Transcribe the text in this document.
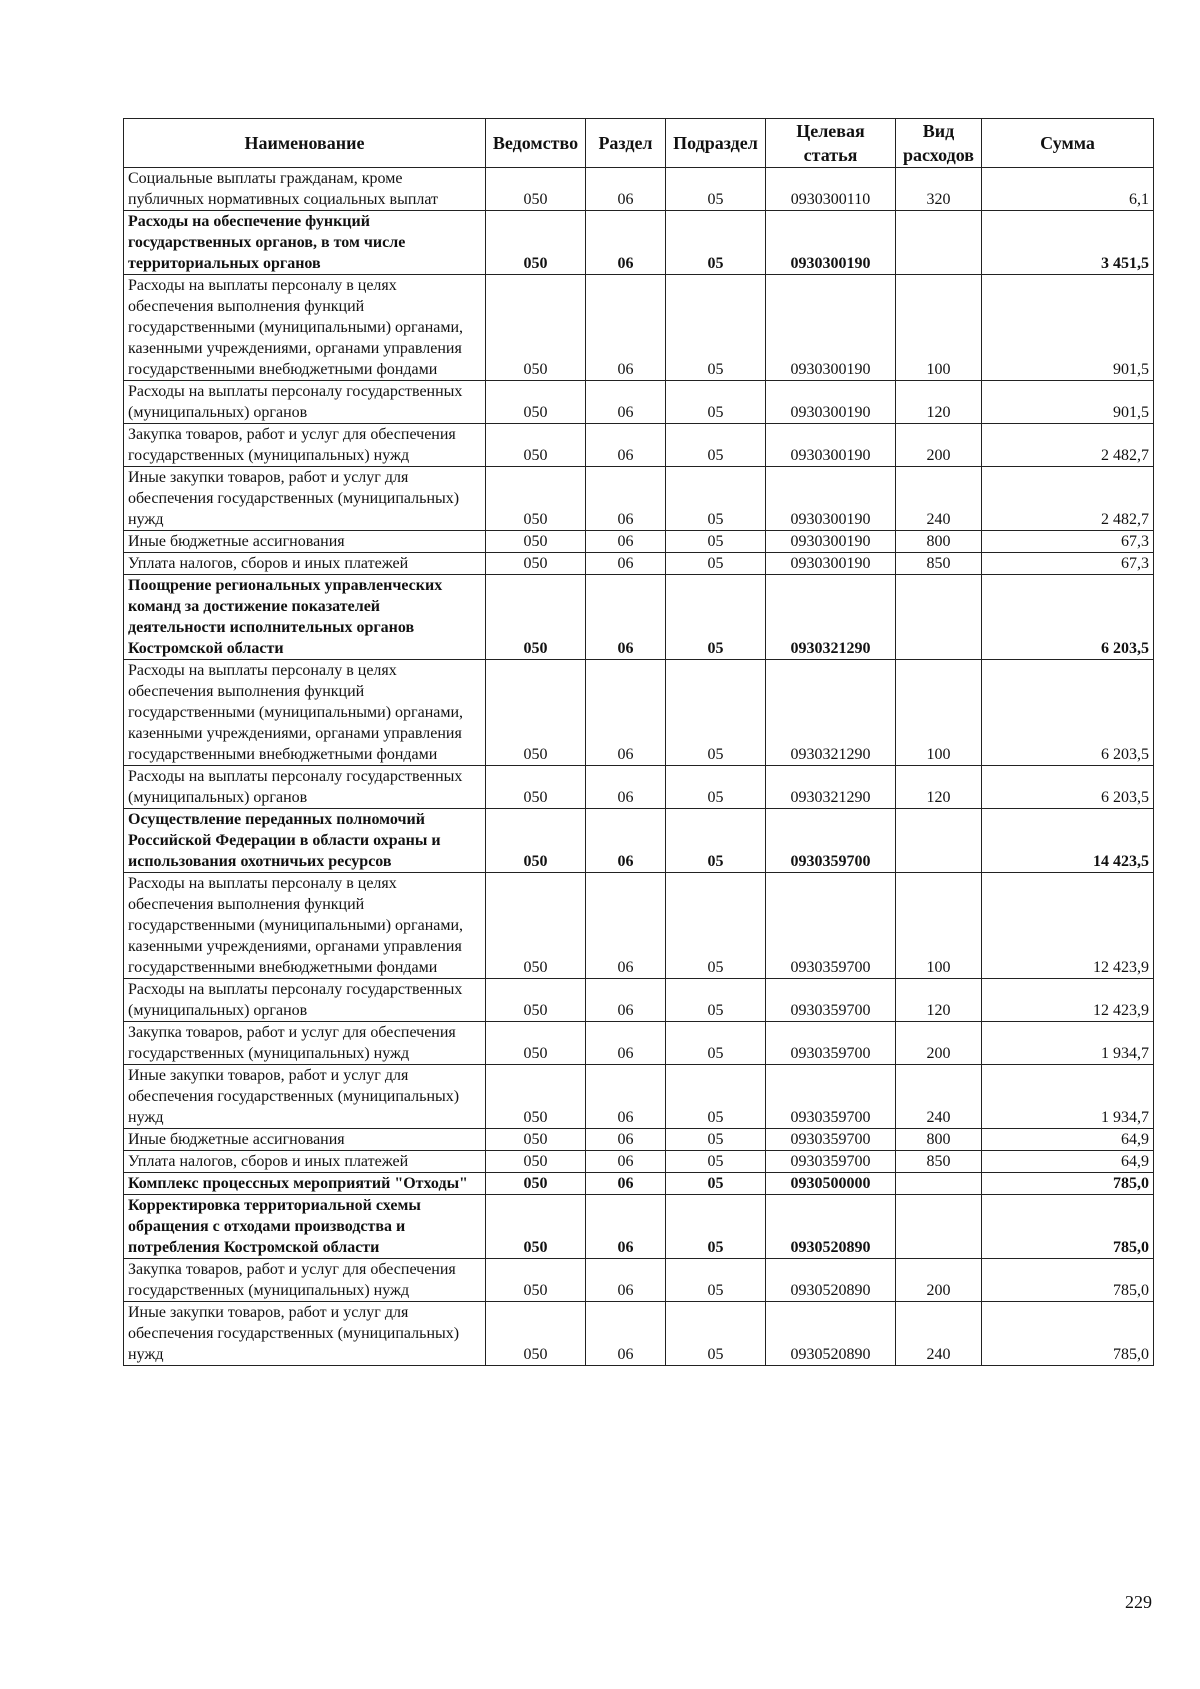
Наименование	Ведомство	Раздел	Подраздел	Целевая статья	Вид расходов	Сумма
Социальные выплаты гражданам, кроме публичных нормативных социальных выплат	050	06	05	0930300110	320	6,1
Расходы на обеспечение функций государственных органов, в том числе территориальных органов	050	06	05	0930300190		3 451,5
Расходы на выплаты персоналу в целях обеспечения выполнения функций государственными (муниципальными) органами, казенными учреждениями, органами управления государственными внебюджетными фондами	050	06	05	0930300190	100	901,5
Расходы на выплаты персоналу государственных (муниципальных) органов	050	06	05	0930300190	120	901,5
Закупка товаров, работ и услуг для обеспечения государственных (муниципальных) нужд	050	06	05	0930300190	200	2 482,7
Иные закупки товаров, работ и услуг для обеспечения государственных (муниципальных) нужд	050	06	05	0930300190	240	2 482,7
Иные бюджетные ассигнования	050	06	05	0930300190	800	67,3
Уплата налогов, сборов и иных платежей	050	06	05	0930300190	850	67,3
Поощрение региональных управленческих команд за достижение показателей деятельности исполнительных органов Костромской области	050	06	05	0930321290		6 203,5
Расходы на выплаты персоналу в целях обеспечения выполнения функций государственными (муниципальными) органами, казенными учреждениями, органами управления государственными внебюджетными фондами	050	06	05	0930321290	100	6 203,5
Расходы на выплаты персоналу государственных (муниципальных) органов	050	06	05	0930321290	120	6 203,5
Осуществление переданных полномочий Российской Федерации в области охраны и использования охотничьих ресурсов	050	06	05	0930359700		14 423,5
Расходы на выплаты персоналу в целях обеспечения выполнения функций государственными (муниципальными) органами, казенными учреждениями, органами управления государственными внебюджетными фондами	050	06	05	0930359700	100	12 423,9
Расходы на выплаты персоналу государственных (муниципальных) органов	050	06	05	0930359700	120	12 423,9
Закупка товаров, работ и услуг для обеспечения государственных (муниципальных) нужд	050	06	05	0930359700	200	1 934,7
Иные закупки товаров, работ и услуг для обеспечения государственных (муниципальных) нужд	050	06	05	0930359700	240	1 934,7
Иные бюджетные ассигнования	050	06	05	0930359700	800	64,9
Уплата налогов, сборов и иных платежей	050	06	05	0930359700	850	64,9
Комплекс процессных мероприятий "Отходы"	050	06	05	0930500000		785,0
Корректировка территориальной схемы обращения с отходами производства и потребления Костромской области	050	06	05	0930520890		785,0
Закупка товаров, работ и услуг для обеспечения государственных (муниципальных) нужд	050	06	05	0930520890	200	785,0
Иные закупки товаров, работ и услуг для обеспечения государственных (муниципальных) нужд	050	06	05	0930520890	240	785,0
229
